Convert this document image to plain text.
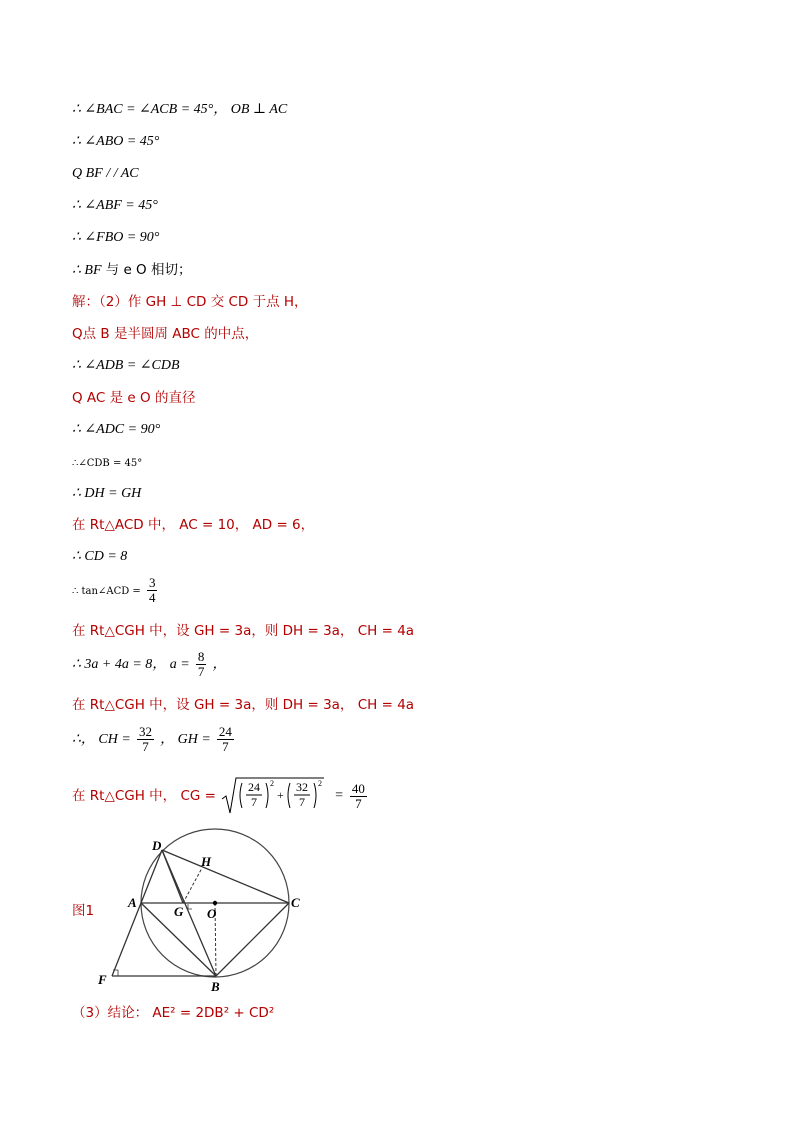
∴ ∠BAC = ∠ACB = 45°， OB ⊥ AC
∴ ∠ABO = 45°
Q BF / / AC
∴ ∠ABF = 45°
∴ ∠FBO = 90°
∴ BF 与 e O 相切；
解：（2）作 GH ⊥ CD 交 CD 于点 H，
Q点 B 是半圆周 ABC 的中点，
∴ ∠ADB = ∠CDB
Q AC 是 e O 的直径
∴ ∠ADC = 90°
∴∠CDB = 45°
∴ DH = GH
在 Rt△ACD 中， AC = 10， AD = 6，
∴ CD = 8
∴ tan∠ACD = $\frac{3}{4}$
在 Rt△CGH 中，设 GH = 3a，则 DH = 3a， CH = 4a
∴ 3a + 4a = 8， $a = \frac{8}{7}$ ，
在 Rt△CGH 中，设 GH = 3a，则 DH = 3a， CH = 4a
∴， CH = $\frac{32}{7}$ ， GH = $\frac{24}{7}$
在 Rt△CGH 中， CG =
24
7
2
+
32
7
2
= $\frac{40}{7}$
图1
D
H
A
G O
C
F	B
（3）结论： AE² = 2DB² + CD²
